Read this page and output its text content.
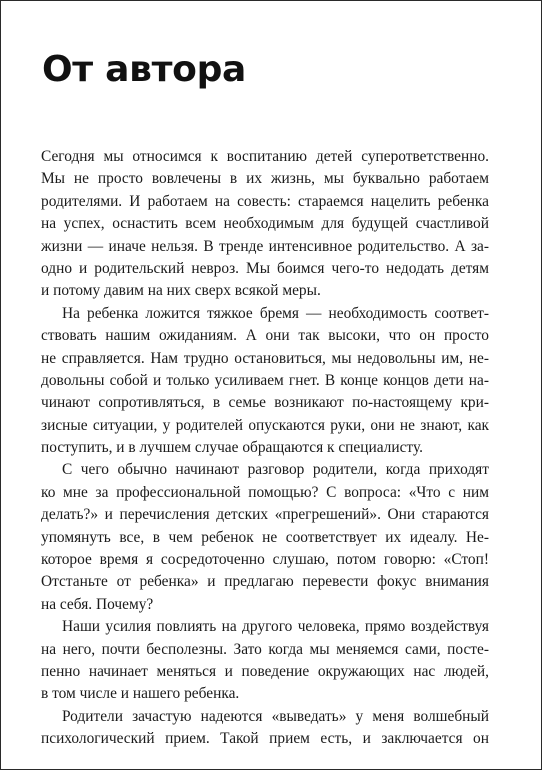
От автора
Сегодня мы относимся к воспитанию детей суперответственно.
Мы не просто вовлечены в их жизнь, мы буквально работаем
родителями. И работаем на совесть: стараемся нацелить ребенка
на успех, оснастить всем необходимым для будущей счастливой
жизни — иначе нельзя. В тренде интенсивное родительство. А за-
одно и родительский невроз. Мы боимся чего-то недодать детям
и потому давим на них сверх всякой меры.
На ребенка ложится тяжкое бремя — необходимость соответ-
ствовать нашим ожиданиям. А они так высоки, что он просто
не справляется. Нам трудно остановиться, мы недовольны им, не-
довольны собой и только усиливаем гнет. В конце концов дети на-
чинают сопротивляться, в семье возникают по-настоящему кри-
зисные ситуации, у родителей опускаются руки, они не знают, как
поступить, и в лучшем случае обращаются к специалисту.
С чего обычно начинают разговор родители, когда приходят
ко мне за профессиональной помощью? С вопроса: «Что с ним
делать?» и перечисления детских «прегрешений». Они стараются
упомянуть все, в чем ребенок не соответствует их идеалу. Не-
которое время я сосредоточенно слушаю, потом говорю: «Стоп!
Отстаньте от ребенка» и предлагаю перевести фокус внимания
на себя. Почему?
Наши усилия повлиять на другого человека, прямо воздействуя
на него, почти бесполезны. Зато когда мы меняемся сами, посте-
пенно начинает меняться и поведение окружающих нас людей,
в том числе и нашего ребенка.
Родители зачастую надеются «выведать» у меня волшебный
психологический прием. Такой прием есть, и заключается он
